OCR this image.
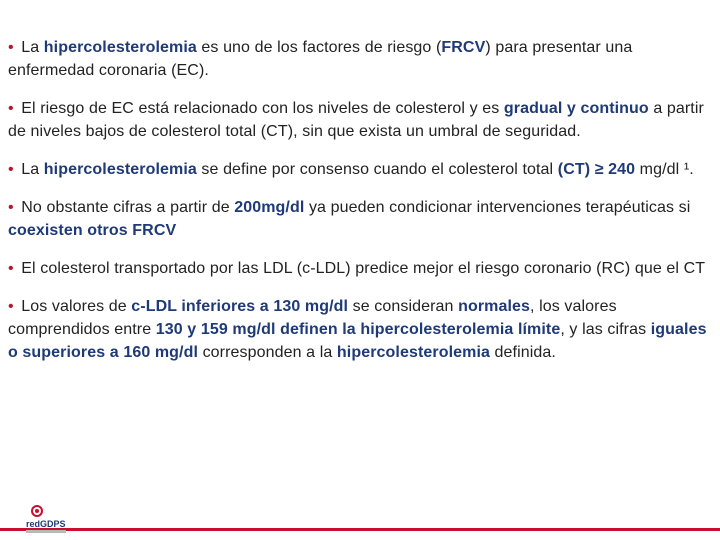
• La hipercolesterolemia es uno de los factores de riesgo (FRCV) para presentar una enfermedad coronaria (EC).

• El riesgo de EC está relacionado con los niveles de colesterol y es gradual y continuo a partir de niveles bajos de colesterol total (CT), sin que exista un umbral de seguridad.

• La hipercolesterolemia se define por consenso cuando el colesterol total (CT) ≥ 240 mg/dl ¹.

• No obstante cifras a partir de 200mg/dl ya pueden condicionar intervenciones terapéuticas si coexisten otros FRCV

• El colesterol transportado por las LDL (c-LDL) predice mejor el riesgo coronario (RC) que el CT

• Los valores de c-LDL inferiores a 130 mg/dl se consideran normales, los valores comprendidos entre 130 y 159 mg/dl definen la hipercolesterolemia límite, y las cifras iguales o superiores a 160 mg/dl corresponden a la hipercolesterolemia definida.

redGDPS
